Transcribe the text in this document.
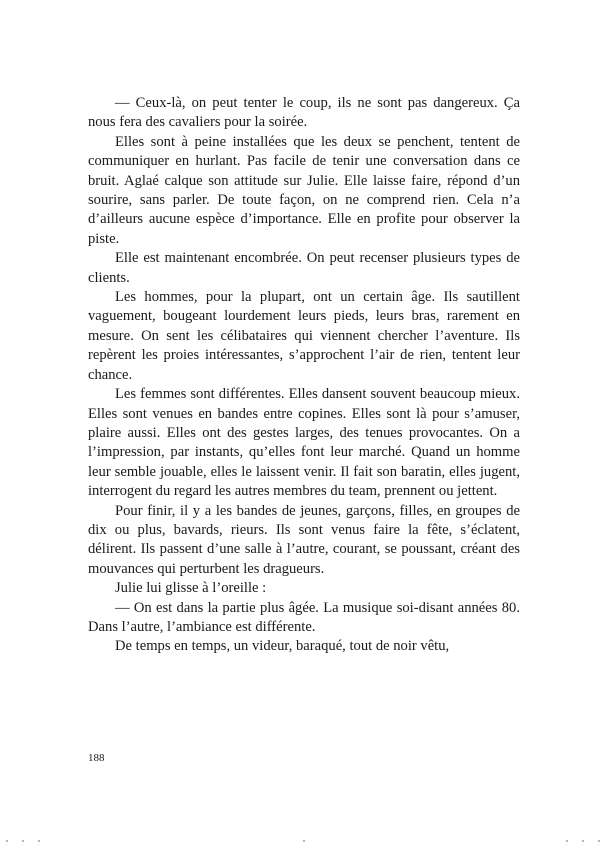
— Ceux-là, on peut tenter le coup, ils ne sont pas dangereux. Ça nous fera des cavaliers pour la soirée.

Elles sont à peine installées que les deux se penchent, tentent de communiquer en hurlant. Pas facile de tenir une conversation dans ce bruit. Aglaé calque son attitude sur Julie. Elle laisse faire, répond d’un sourire, sans parler. De toute façon, on ne comprend rien. Cela n’a d’ailleurs aucune espèce d’importance. Elle en profite pour observer la piste.

Elle est maintenant encombrée. On peut recenser plusieurs types de clients.

Les hommes, pour la plupart, ont un certain âge. Ils sautillent vaguement, bougeant lourdement leurs pieds, leurs bras, rarement en mesure. On sent les célibataires qui viennent chercher l’aventure. Ils repèrent les proies intéressantes, s’approchent l’air de rien, tentent leur chance.

Les femmes sont différentes. Elles dansent souvent beaucoup mieux. Elles sont venues en bandes entre copines. Elles sont là pour s’amuser, plaire aussi. Elles ont des gestes larges, des tenues provocantes. On a l’impression, par instants, qu’elles font leur marché. Quand un homme leur semble jouable, elles le laissent venir. Il fait son baratin, elles jugent, interrogent du regard les autres membres du team, prennent ou jettent.

Pour finir, il y a les bandes de jeunes, garçons, filles, en groupes de dix ou plus, bavards, rieurs. Ils sont venus faire la fête, s’éclatent, délirent. Ils passent d’une salle à l’autre, courant, se poussant, créant des mouvances qui perturbent les dragueurs.

Julie lui glisse à l’oreille :

— On est dans la partie plus âgée. La musique soi-disant années 80. Dans l’autre, l’ambiance est différente.

De temps en temps, un videur, baraqué, tout de noir vêtu,

188
